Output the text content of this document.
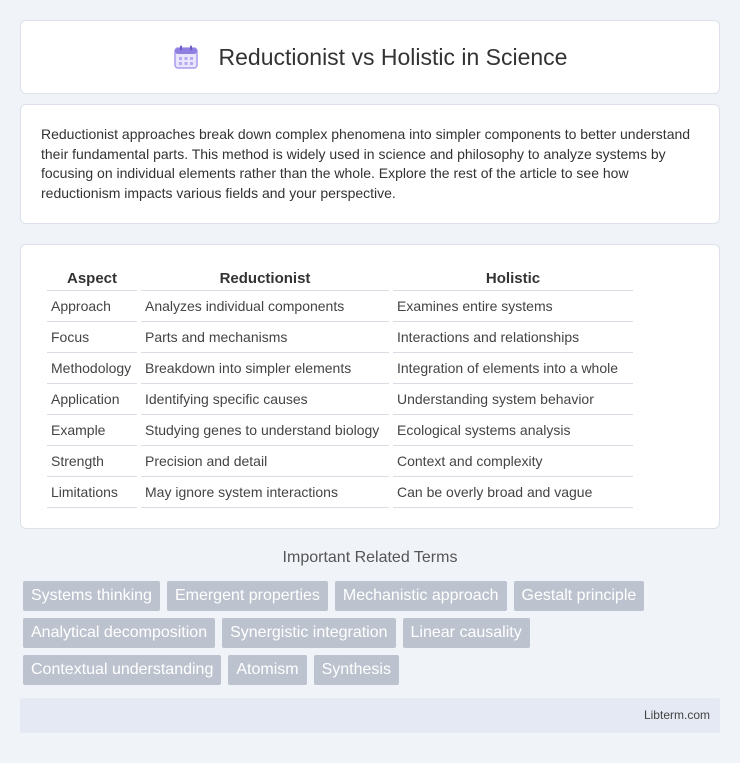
Reductionist vs Holistic in Science

Reductionist approaches break down complex phenomena into simpler components to better understand their fundamental parts. This method is widely used in science and philosophy to analyze systems by focusing on individual elements rather than the whole. Explore the rest of the article to see how reductionism impacts various fields and your perspective.

Aspect	Reductionist	Holistic
Approach	Analyzes individual components	Examines entire systems
Focus	Parts and mechanisms	Interactions and relationships
Methodology	Breakdown into simpler elements	Integration of elements into a whole
Application	Identifying specific causes	Understanding system behavior
Example	Studying genes to understand biology	Ecological systems analysis
Strength	Precision and detail	Context and complexity
Limitations	May ignore system interactions	Can be overly broad and vague
Important Related Terms
Systems thinking	Emergent properties	Mechanistic approach	Gestalt principle
Analytical decomposition	Synergistic integration	Linear causality
Contextual understanding	Atomism	Synthesis
Libterm.com
